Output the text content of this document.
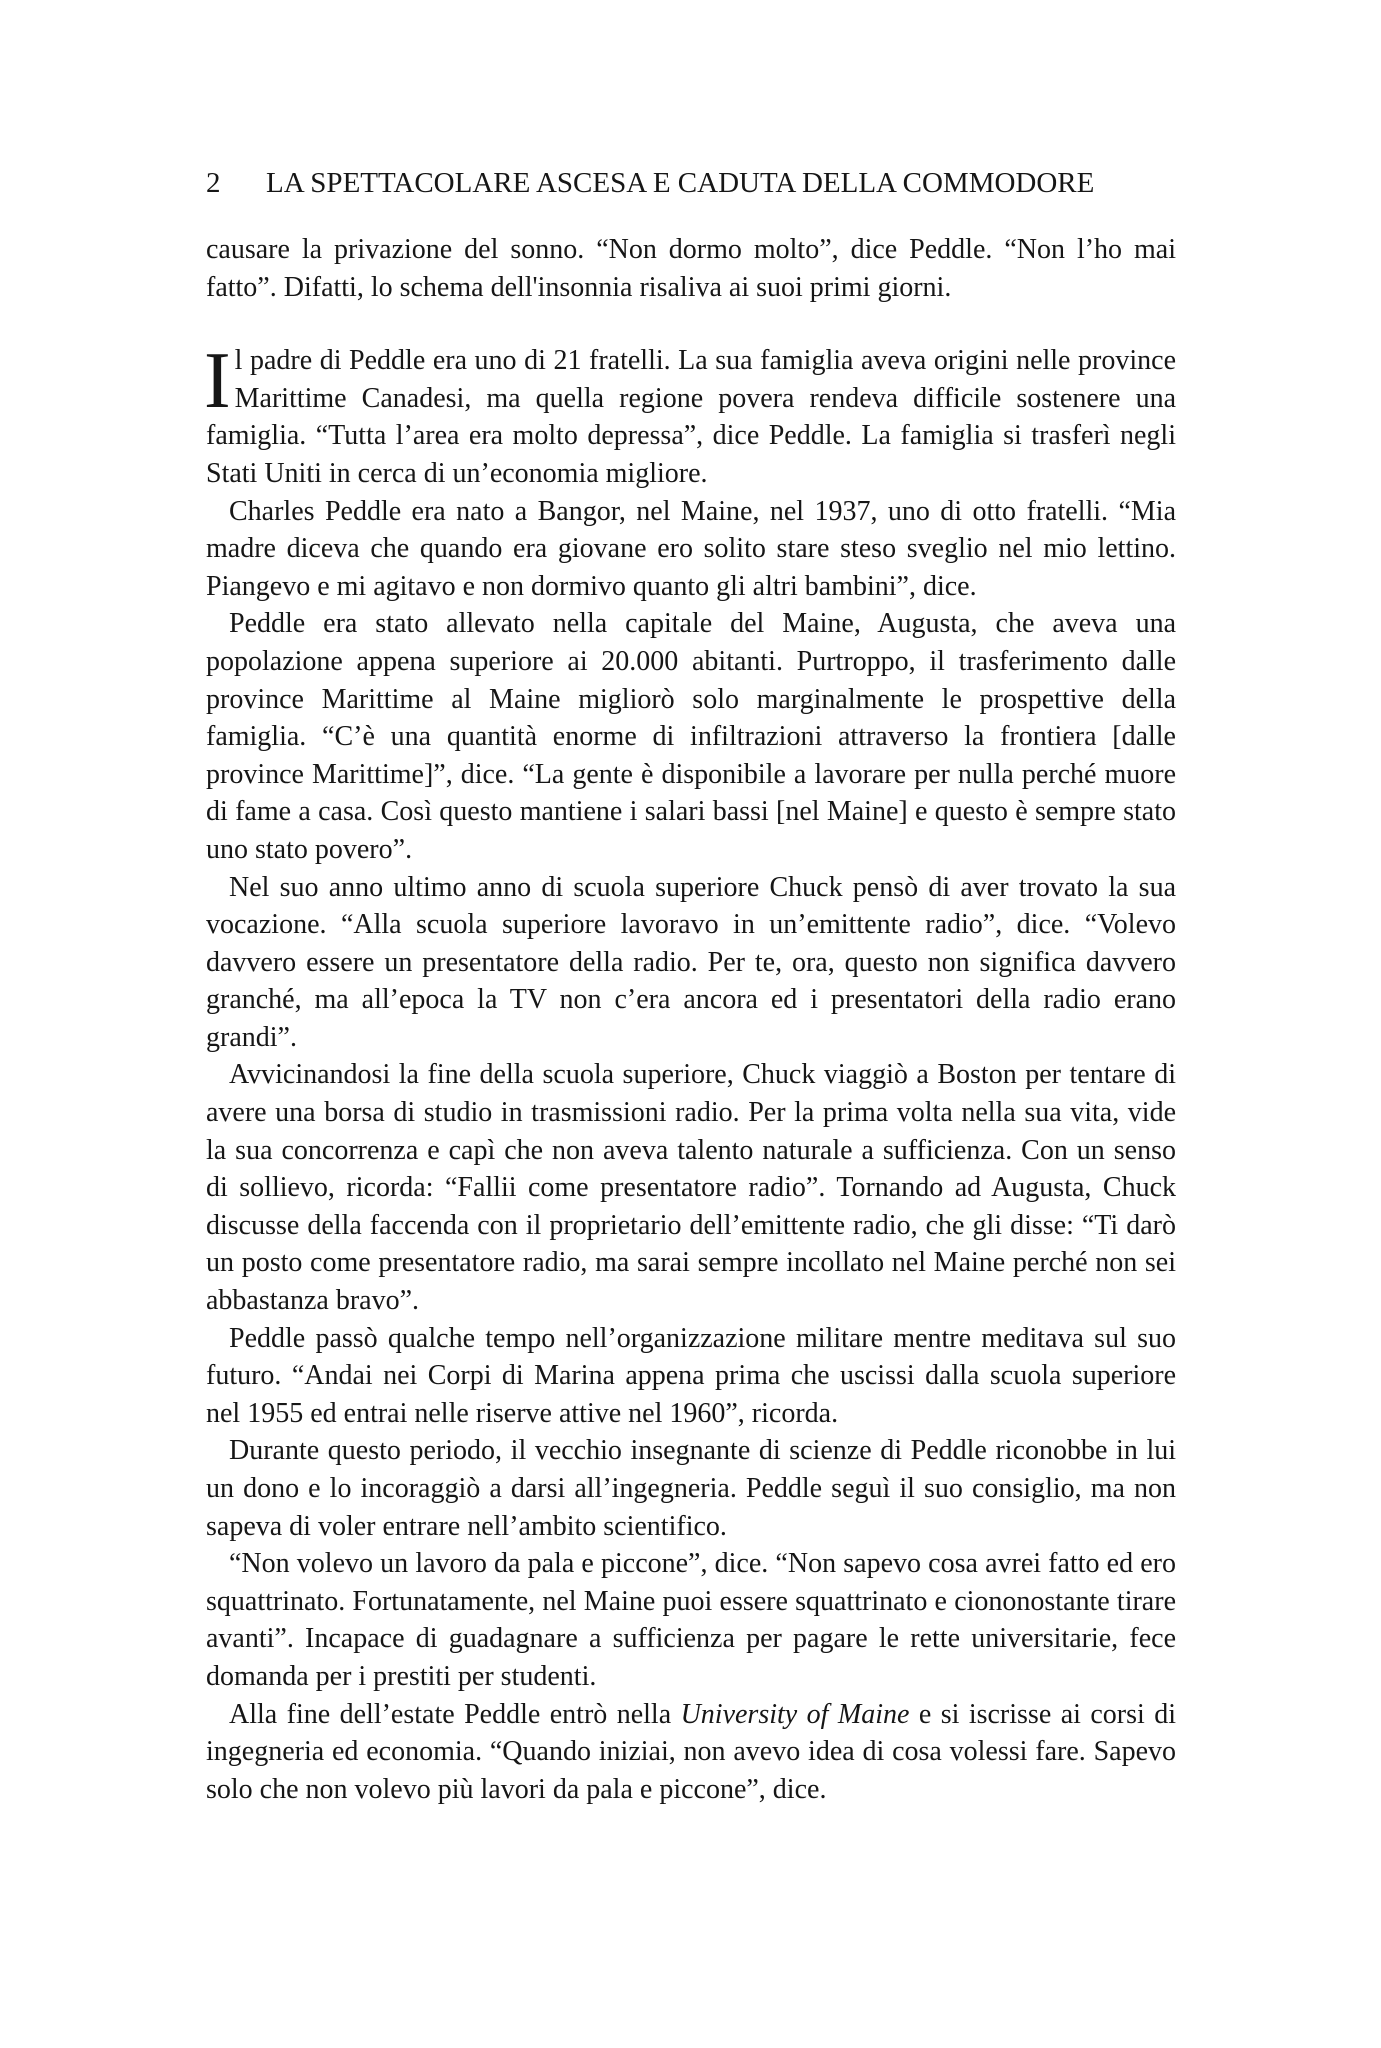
2 LA SPETTACOLARE ASCESA E CADUTA DELLA COMMODORE

causare la privazione del sonno. “Non dormo molto”, dice Peddle. “Non l’ho mai fatto”. Difatti, lo schema dell'insonnia risaliva ai suoi primi giorni.

Il padre di Peddle era uno di 21 fratelli. La sua famiglia aveva origini nelle province Marittime Canadesi, ma quella regione povera rendeva difficile sostenere una famiglia. “Tutta l’area era molto depressa”, dice Peddle. La famiglia si trasferì negli Stati Uniti in cerca di un’economia migliore.

Charles Peddle era nato a Bangor, nel Maine, nel 1937, uno di otto fratelli. “Mia madre diceva che quando era giovane ero solito stare steso sveglio nel mio lettino. Piangevo e mi agitavo e non dormivo quanto gli altri bambini”, dice.

Peddle era stato allevato nella capitale del Maine, Augusta, che aveva una popolazione appena superiore ai 20.000 abitanti. Purtroppo, il trasferimento dalle province Marittime al Maine migliorò solo marginalmente le prospettive della famiglia. “C’è una quantità enorme di infiltrazioni attraverso la frontiera [dalle province Marittime]”, dice. “La gente è disponibile a lavorare per nulla perché muore di fame a casa. Così questo mantiene i salari bassi [nel Maine] e questo è sempre stato uno stato povero”.

Nel suo anno ultimo anno di scuola superiore Chuck pensò di aver trovato la sua vocazione. “Alla scuola superiore lavoravo in un’emittente radio”, dice. “Volevo davvero essere un presentatore della radio. Per te, ora, questo non significa davvero granché, ma all’epoca la TV non c’era ancora ed i presentatori della radio erano grandi”.

Avvicinandosi la fine della scuola superiore, Chuck viaggiò a Boston per tentare di avere una borsa di studio in trasmissioni radio. Per la prima volta nella sua vita, vide la sua concorrenza e capì che non aveva talento naturale a sufficienza. Con un senso di sollievo, ricorda: “Fallii come presentatore radio”. Tornando ad Augusta, Chuck discusse della faccenda con il proprietario dell’emittente radio, che gli disse: “Ti darò un posto come presentatore radio, ma sarai sempre incollato nel Maine perché non sei abbastanza bravo”.

Peddle passò qualche tempo nell’organizzazione militare mentre meditava sul suo futuro. “Andai nei Corpi di Marina appena prima che uscissi dalla scuola superiore nel 1955 ed entrai nelle riserve attive nel 1960”, ricorda.

Durante questo periodo, il vecchio insegnante di scienze di Peddle riconobbe in lui un dono e lo incoraggiò a darsi all’ingegneria. Peddle seguì il suo consiglio, ma non sapeva di voler entrare nell’ambito scientifico.

“Non volevo un lavoro da pala e piccone”, dice. “Non sapevo cosa avrei fatto ed ero squattrinato. Fortunatamente, nel Maine puoi essere squattrinato e ciononostante tirare avanti”. Incapace di guadagnare a sufficienza per pagare le rette universitarie, fece domanda per i prestiti per studenti.

Alla fine dell’estate Peddle entrò nella University of Maine e si iscrisse ai corsi di ingegneria ed economia. “Quando iniziai, non avevo idea di cosa volessi fare. Sapevo solo che non volevo più lavori da pala e piccone”, dice.
